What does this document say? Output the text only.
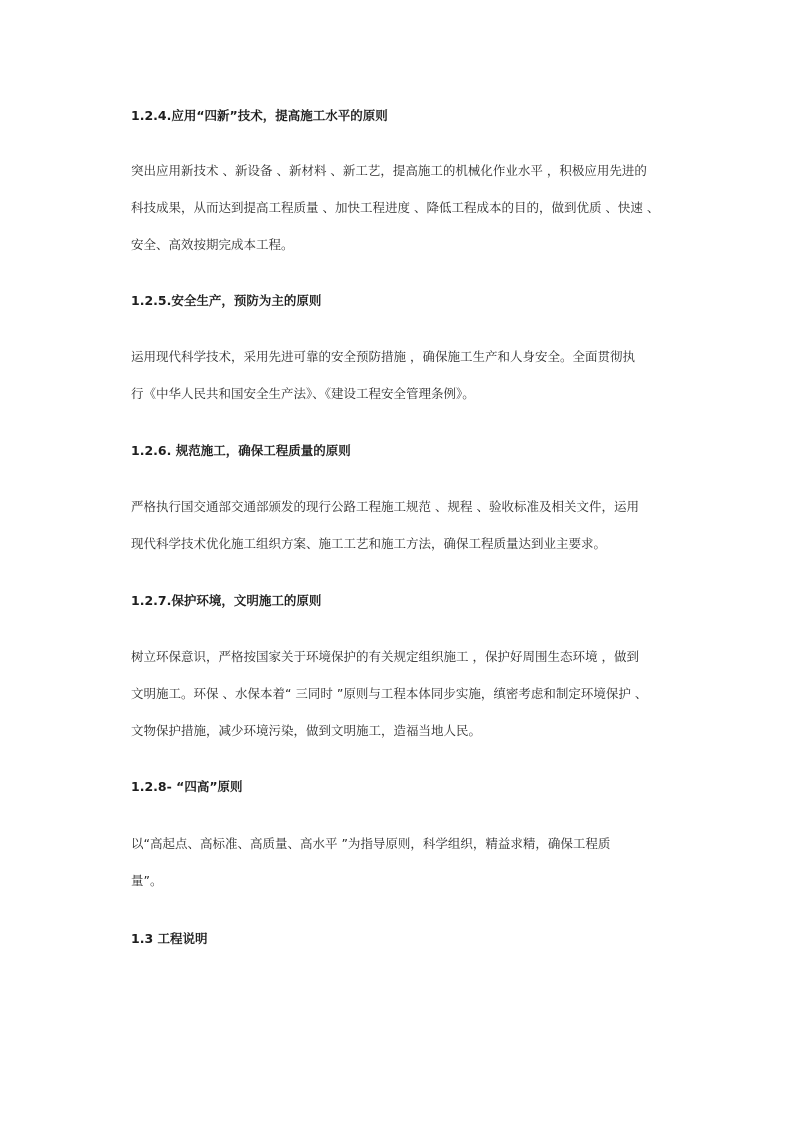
1.2.4.应用“四新”技术，提高施工水平的原则
突出应用新技术 、新设备 、新材料 、新工艺，提高施工的机械化作业水平 ，积极应用先进的
科技成果，从而达到提高工程质量 、加快工程进度 、降低工程成本的目的，做到优质 、快速 、
安全、高效按期完成本工程。
1.2.5.安全生产，预防为主的原则
运用现代科学技术，采用先进可靠的安全预防措施 ，确保施工生产和人身安全。全面贯彻执
行《中华人民共和国安全生产法》、《建设工程安全管理条例》。
1.2.6. 规范施工，确保工程质量的原则
严格执行国交通部交通部颁发的现行公路工程施工规范 、规程 、验收标准及相关文件，运用
现代科学技术优化施工组织方案、施工工艺和施工方法，确保工程质量达到业主要求。
1.2.7.保护环境，文明施工的原则
树立环保意识，严格按国家关于环境保护的有关规定组织施工 ，保护好周围生态环境 ，做到
文明施工。环保 、水保本着“ 三同时 ”原则与工程本体同步实施，缜密考虑和制定环境保护 、
文物保护措施，减少环境污染，做到文明施工，造福当地人民。
1.2.8- “四高”原则
以“高起点、高标准、高质量、高水平 ”为指导原则，科学组织，精益求精，确保工程质
量”。
1.3 工程说明
